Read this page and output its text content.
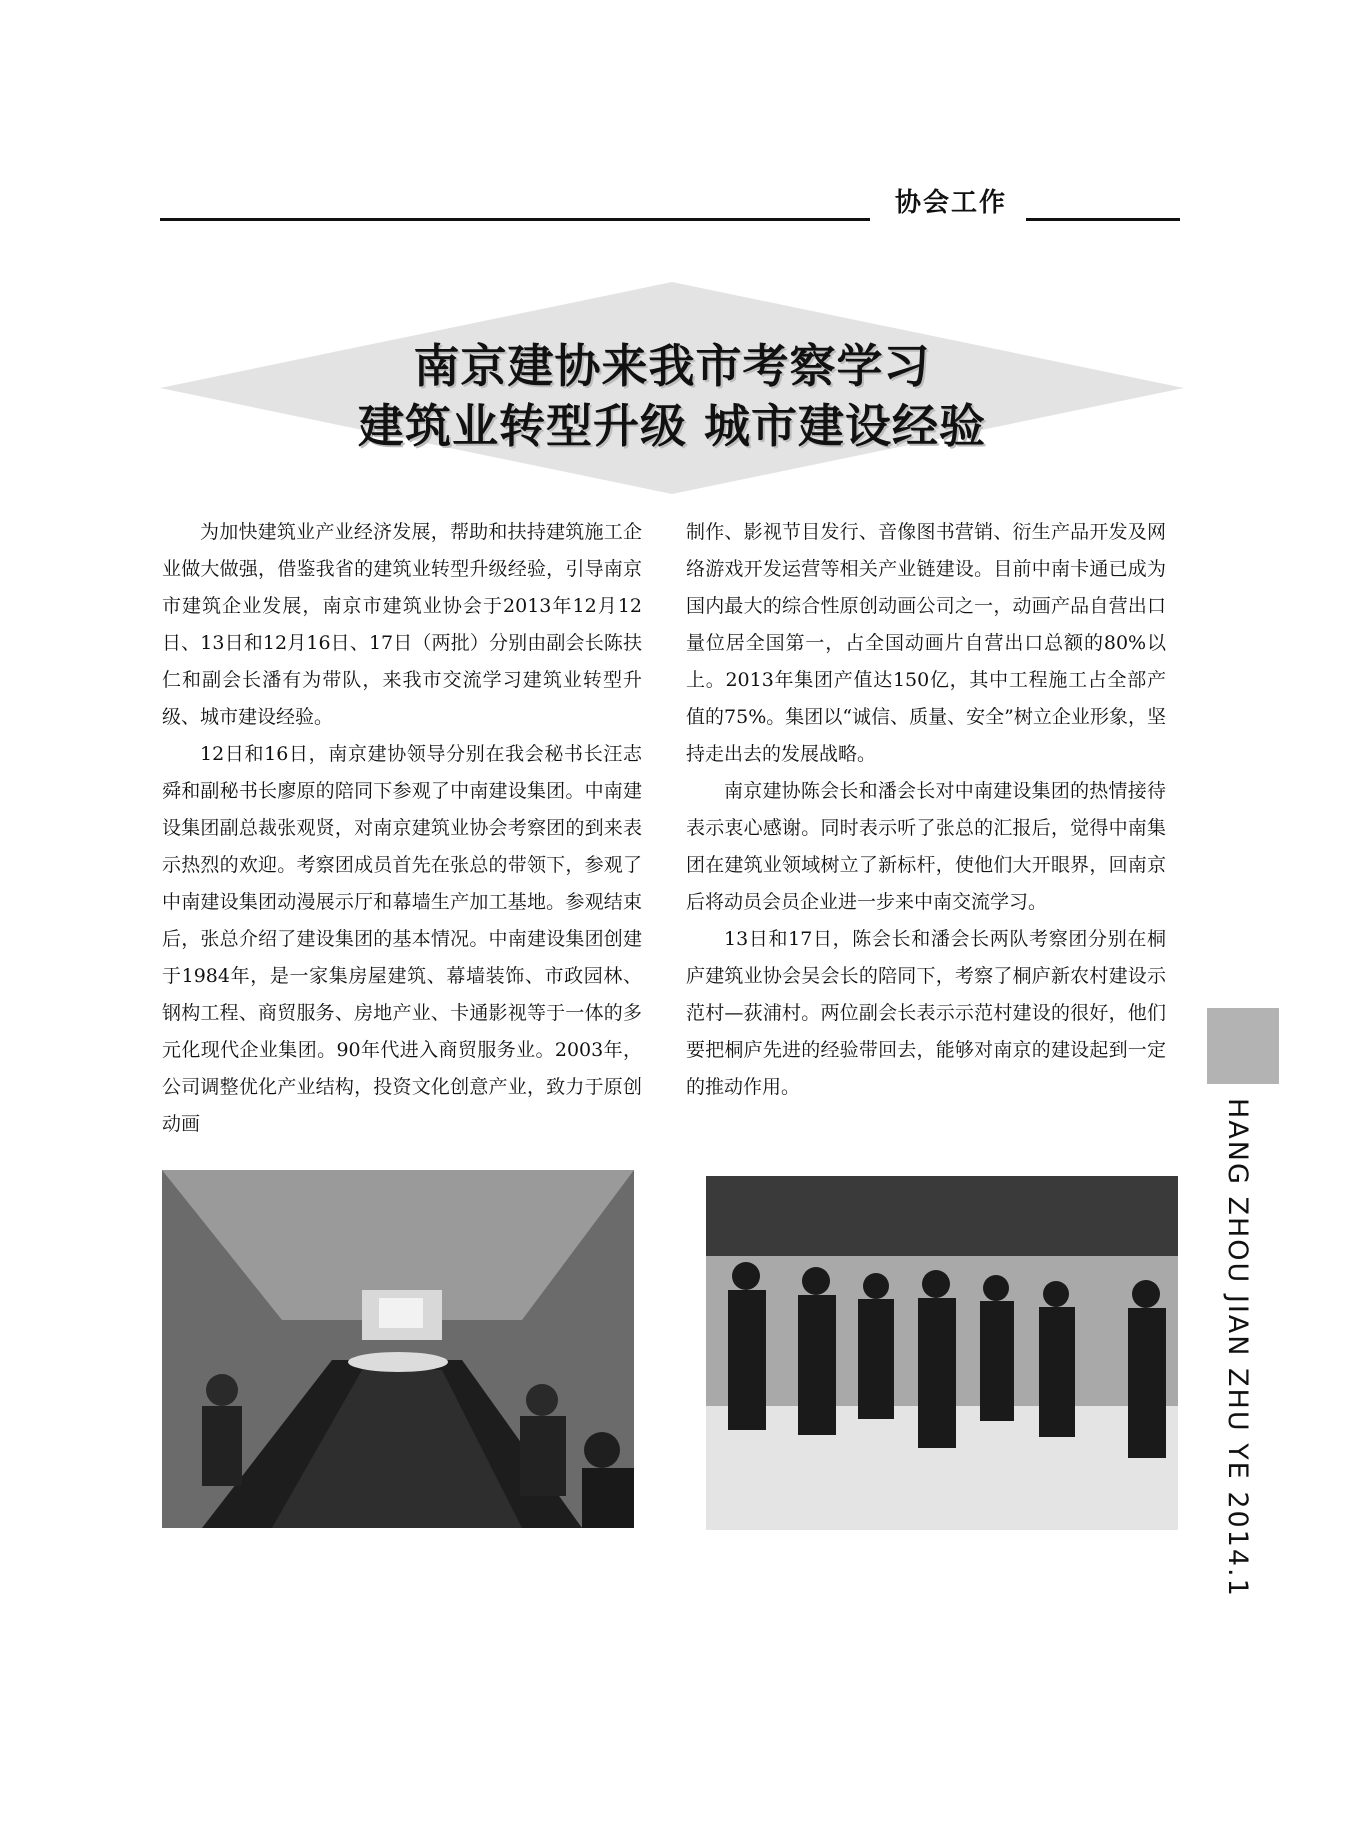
协会工作
南京建协来我市考察学习
建筑业转型升级 城市建设经验

为加快建筑业产业经济发展，帮助和扶持建筑施工企业做大做强，借鉴我省的建筑业转型升级经验，引导南京市建筑企业发展，南京市建筑业协会于2013年12月12日、13日和12月16日、17日（两批）分别由副会长陈扶仁和副会长潘有为带队，来我市交流学习建筑业转型升级、城市建设经验。

12日和16日，南京建协领导分别在我会秘书长汪志舜和副秘书长廖原的陪同下参观了中南建设集团。中南建设集团副总裁张观贤，对南京建筑业协会考察团的到来表示热烈的欢迎。考察团成员首先在张总的带领下，参观了中南建设集团动漫展示厅和幕墙生产加工基地。参观结束后，张总介绍了建设集团的基本情况。中南建设集团创建于1984年，是一家集房屋建筑、幕墙装饰、市政园林、钢构工程、商贸服务、房地产业、卡通影视等于一体的多元化现代企业集团。90年代进入商贸服务业。2003年，公司调整优化产业结构，投资文化创意产业，致力于原创动画

制作、影视节目发行、音像图书营销、衍生产品开发及网络游戏开发运营等相关产业链建设。目前中南卡通已成为国内最大的综合性原创动画公司之一，动画产品自营出口量位居全国第一，占全国动画片自营出口总额的80%以上。2013年集团产值达150亿，其中工程施工占全部产值的75%。集团以“诚信、质量、安全”树立企业形象，坚持走出去的发展战略。

南京建协陈会长和潘会长对中南建设集团的热情接待表示衷心感谢。同时表示听了张总的汇报后，觉得中南集团在建筑业领域树立了新标杆，使他们大开眼界，回南京后将动员会员企业进一步来中南交流学习。

13日和17日，陈会长和潘会长两队考察团分别在桐庐建筑业协会吴会长的陪同下，考察了桐庐新农村建设示范村—荻浦村。两位副会长表示示范村建设的很好，他们要把桐庐先进的经验带回去，能够对南京的建设起到一定的推动作用。

HANG ZHOU JIAN ZHU YE 2014.1
